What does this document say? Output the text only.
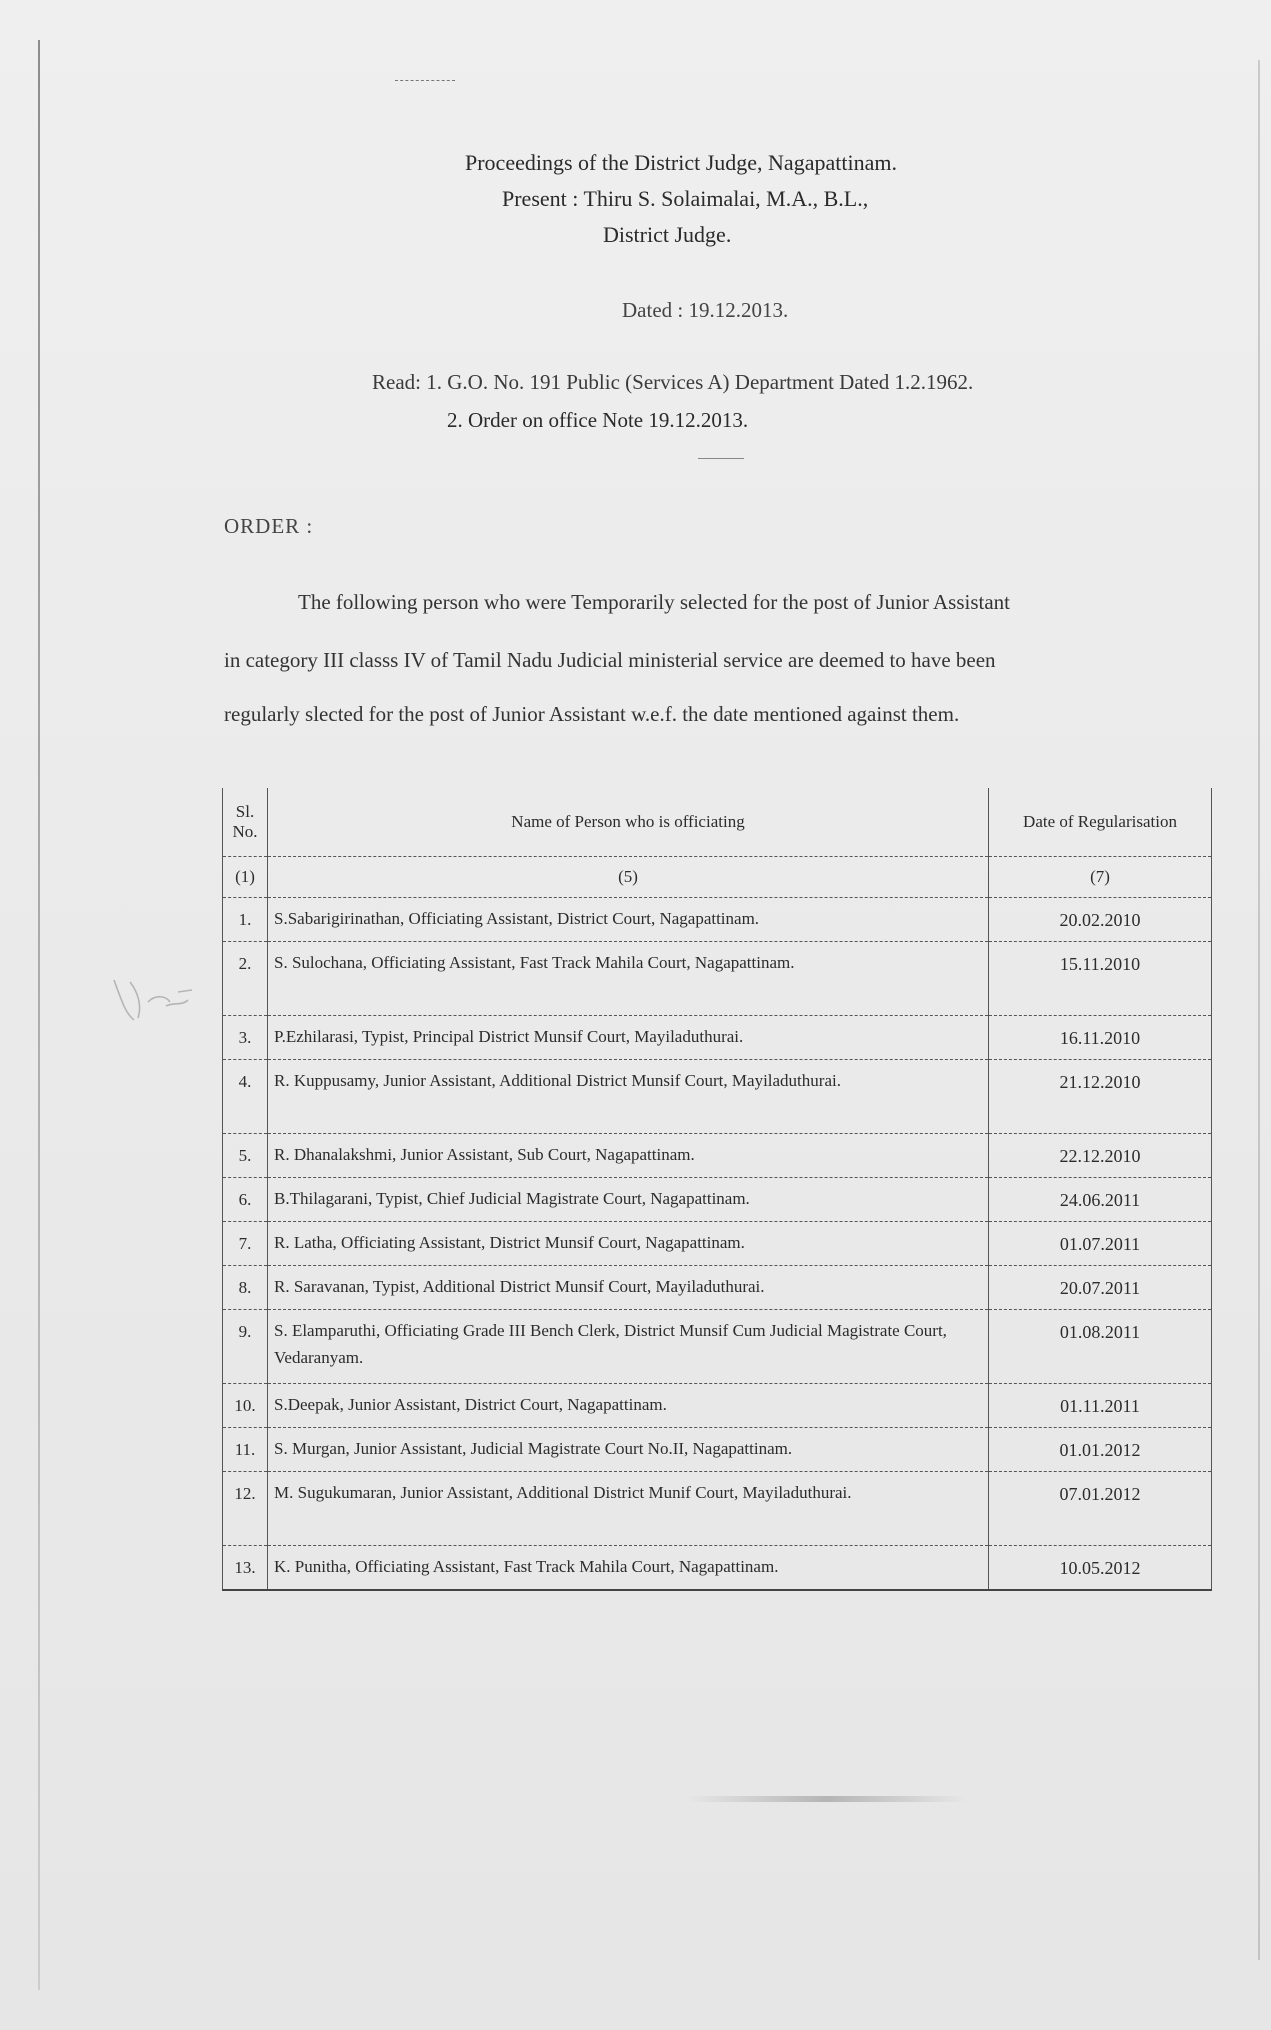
Proceedings of the District Judge, Nagapattinam.
Present : Thiru S. Solaimalai, M.A., B.L.,
District Judge.
Dated : 19.12.2013.
Read: 1. G.O. No. 191 Public (Services A) Department Dated 1.2.1962.
2. Order on office Note 19.12.2013.
ORDER :
The following person who were Temporarily selected for the post of Junior Assistant
in category III classs IV of Tamil Nadu Judicial ministerial service are deemed to have been
regularly slected for the post of Junior Assistant w.e.f. the date mentioned against them.
Sl. No.	Name of Person who is officiating	Date of Regularisation
(1)	(5)	(7)
1.	S.Sabarigirinathan, Officiating Assistant, District Court, Nagapattinam.	20.02.2010
2.	S. Sulochana, Officiating Assistant, Fast Track Mahila Court, Nagapattinam.	15.11.2010
3.	P.Ezhilarasi, Typist, Principal District Munsif Court, Mayiladuthurai.	16.11.2010
4.	R. Kuppusamy, Junior Assistant, Additional District Munsif Court, Mayiladuthurai.	21.12.2010
5.	R. Dhanalakshmi, Junior Assistant, Sub Court, Nagapattinam.	22.12.2010
6.	B.Thilagarani, Typist, Chief Judicial Magistrate Court, Nagapattinam.	24.06.2011
7.	R. Latha, Officiating Assistant, District Munsif Court, Nagapattinam.	01.07.2011
8.	R. Saravanan, Typist, Additional District Munsif Court, Mayiladuthurai.	20.07.2011
9.	S. Elamparuthi, Officiating Grade III Bench Clerk, District Munsif Cum Judicial Magistrate Court, Vedaranyam.	01.08.2011
10.	S.Deepak, Junior Assistant, District Court, Nagapattinam.	01.11.2011
11.	S. Murgan, Junior Assistant, Judicial Magistrate Court No.II, Nagapattinam.	01.01.2012
12.	M. Sugukumaran, Junior Assistant, Additional District Munif Court, Mayiladuthurai.	07.01.2012
13.	K. Punitha, Officiating Assistant, Fast Track Mahila Court, Nagapattinam.	10.05.2012
